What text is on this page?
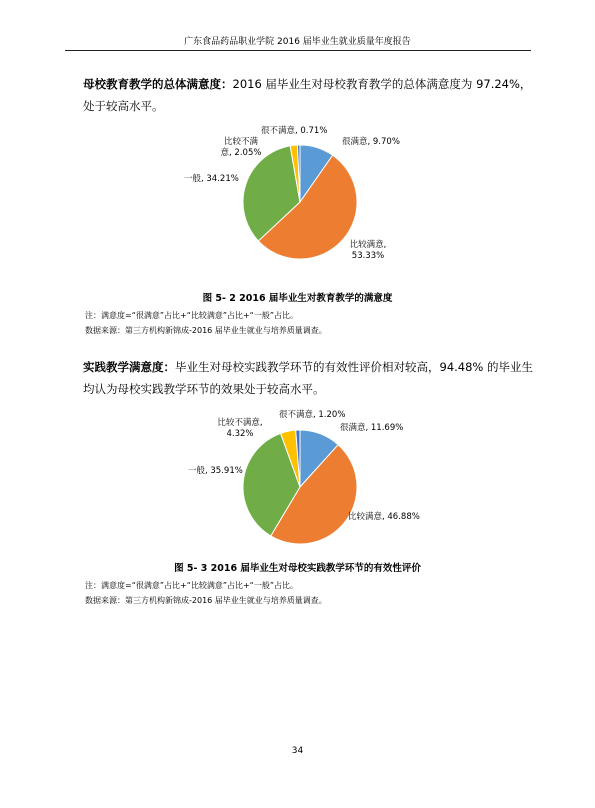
广东食品药品职业学院 2016 届毕业生就业质量年度报告

母校教育教学的总体满意度：2016 届毕业生对母校教育教学的总体满意度为 97.24%，处于较高水平。

很不满意, 0.71%
很满意, 9.70%
比较不满意, 2.05%
一般, 34.21%
比较满意, 53.33%
图 5- 2 2016 届毕业生对教育教学的满意度
注：满意度=“很满意”占比+“比较满意”占比+“一般”占比。
数据来源：第三方机构新锦成-2016 届毕业生就业与培养质量调查。

实践教学满意度：毕业生对母校实践教学环节的有效性评价相对较高，94.48% 的毕业生均认为母校实践教学环节的效果处于较高水平。

很不满意, 1.20%
很满意, 11.69%
比较不满意, 4.32%
一般, 35.91%
比较满意, 46.88%
图 5- 3 2016 届毕业生对母校实践教学环节的有效性评价
注：满意度=“很满意”占比+“比较满意”占比+“一般”占比。
数据来源：第三方机构新锦成-2016 届毕业生就业与培养质量调查。
34
